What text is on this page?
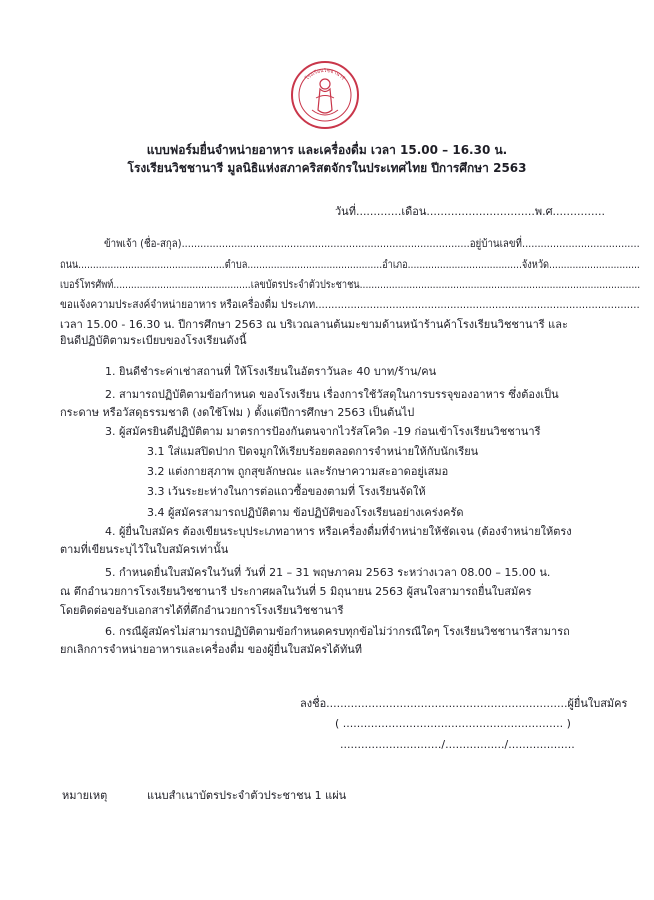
โรงเรียนวิชชานารี
แบบฟอร์มยื่นจำหน่ายอาหาร และเครื่องดื่ม เวลา 15.00 – 16.30 น.
โรงเรียนวิชชานารี มูลนิธิแห่งสภาคริสตจักรในประเทศไทย ปีการศึกษา 2563
วันที่.............เดือน...............................พ.ศ...............
ข้าพเจ้า (ชื่อ-สกุล).............................................................................................อยู่บ้านเลขที่......................................
ถนน..................................................ตำบล..............................................อำเภอ.......................................จังหวัด...............................
เบอร์โทรศัพท์...............................................เลขบัตรประจำตัวประชาชน................................................................................................
ขอแจ้งความประสงค์จำหน่ายอาหาร หรือเครื่องดื่ม ประเภท.....................................................................................................
เวลา 15.00 - 16.30 น. ปีการศึกษา 2563 ณ บริเวณลานต้นมะขามด้านหน้าร้านค้าโรงเรียนวิชชานารี และ
ยินดีปฏิบัติตามระเบียบของโรงเรียนดังนี้
1. ยินดีชำระค่าเช่าสถานที่ ให้โรงเรียนในอัตราวันละ 40 บาท/ร้าน/คน
2. สามารถปฏิบัติตามข้อกำหนด ของโรงเรียน เรื่องการใช้วัสดุในการบรรจุของอาหาร ซึ่งต้องเป็น
กระดาษ หรือวัสดุธรรมชาติ (งดใช้โฟม ) ตั้งแต่ปีการศึกษา 2563 เป็นต้นไป
3. ผู้สมัครยินดีปฏิบัติตาม มาตรการป้องกันตนจากไวรัสโควิด -19 ก่อนเข้าโรงเรียนวิชชานารี
3.1 ใส่แมสปิดปาก ปิดจมูกให้เรียบร้อยตลอดการจำหน่ายให้กับนักเรียน
3.2 แต่งกายสุภาพ ถูกสุขลักษณะ และรักษาความสะอาดอยู่เสมอ
3.3 เว้นระยะห่างในการต่อแถวซื้อของตามที่ โรงเรียนจัดให้
3.4 ผู้สมัครสามารถปฏิบัติตาม ข้อปฏิบัติของโรงเรียนอย่างเคร่งครัด
4. ผู้ยื่นใบสมัคร ต้องเขียนระบุประเภทอาหาร หรือเครื่องดื่มที่จำหน่ายให้ชัดเจน (ต้องจำหน่ายให้ตรง
ตามที่เขียนระบุไว้ในใบสมัครเท่านั้น
5. กำหนดยื่นใบสมัครในวันที่ วันที่ 21 – 31 พฤษภาคม 2563 ระหว่างเวลา 08.00 – 15.00 น.
ณ ตึกอำนวยการโรงเรียนวิชชานารี ประกาศผลในวันที่ 5 มิถุนายน 2563 ผู้สนใจสามารถยื่นใบสมัคร
โดยติดต่อขอรับเอกสารได้ที่ตึกอำนวยการโรงเรียนวิชชานารี
6. กรณีผู้สมัครไม่สามารถปฏิบัติตามข้อกำหนดครบทุกข้อไม่ว่ากรณีใดๆ โรงเรียนวิชชานารีสามารถ
ยกเลิกการจำหน่ายอาหารและเครื่องดื่ม ของผู้ยื่นใบสมัครได้ทันที
ลงชื่อ.....................................................................ผู้ยื่นใบสมัคร
( ............................................................... )
............................./................./...................
หมายเหตุ	แนบสำเนาบัตรประจำตัวประชาชน 1 แผ่น
